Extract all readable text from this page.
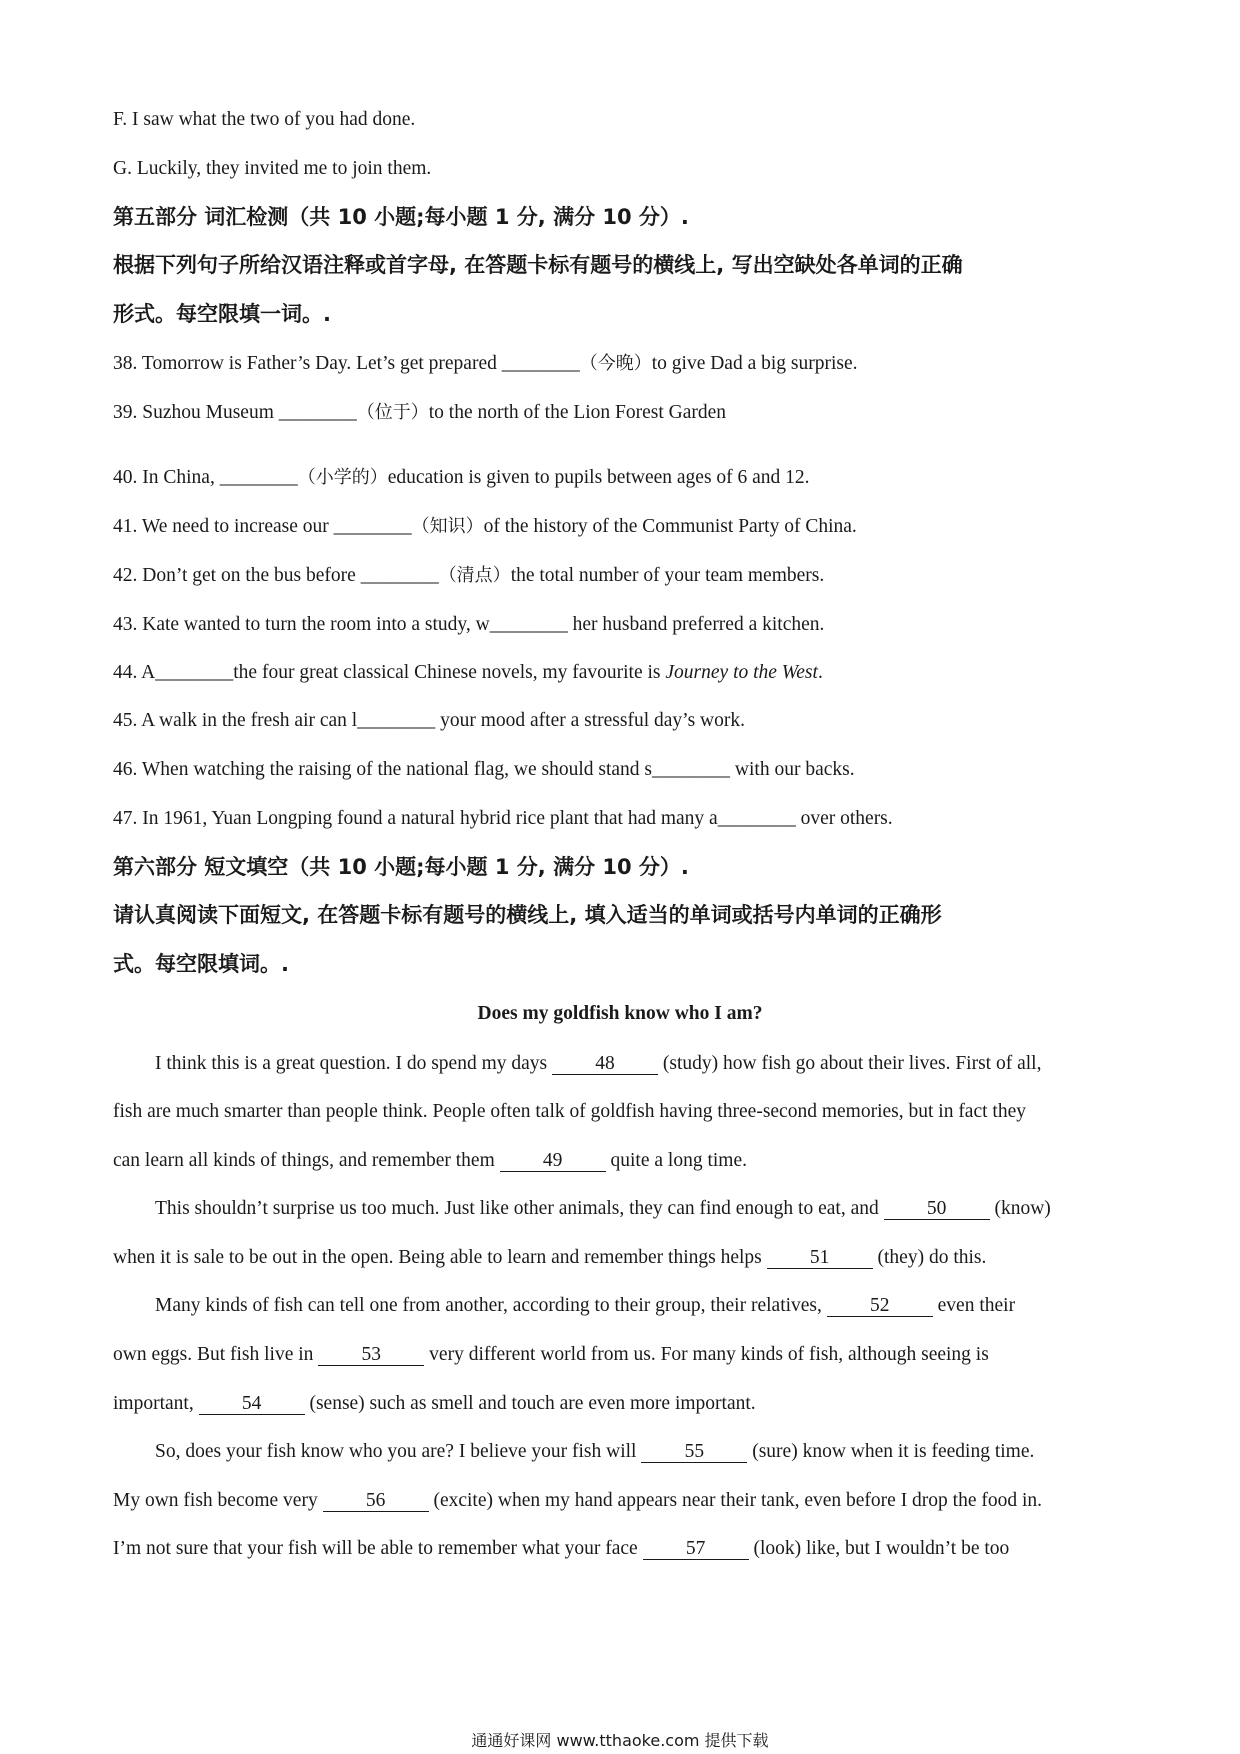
F. I saw what the two of you had done.
G. Luckily, they invited me to join them.
第五部分 词汇检测（共 10 小题;每小题 1 分, 满分 10 分）.
根据下列句子所给汉语注释或首字母, 在答题卡标有题号的横线上, 写出空缺处各单词的正确
形式。每空限填一词。.
38. Tomorrow is Father’s Day. Let’s get prepared ________（今晚）to give Dad a big surprise.
39. Suzhou Museum ________（位于）to the north of the Lion Forest Garden
40. In China, ________（小学的）education is given to pupils between ages of 6 and 12.
41. We need to increase our ________（知识）of the history of the Communist Party of China.
42. Don’t get on the bus before ________（清点）the total number of your team members.
43. Kate wanted to turn the room into a study, w________ her husband preferred a kitchen.
44. A________the four great classical Chinese novels, my favourite is Journey to the West.
45. A walk in the fresh air can l________ your mood after a stressful day’s work.
46. When watching the raising of the national flag, we should stand s________ with our backs.
47. In 1961, Yuan Longping found a natural hybrid rice plant that had many a________ over others.
第六部分 短文填空（共 10 小题;每小题 1 分, 满分 10 分）.
请认真阅读下面短文, 在答题卡标有题号的横线上, 填入适当的单词或括号内单词的正确形
式。每空限填词。.
Does my goldfish know who I am?
I think this is a great question. I do spend my days 48 (study) how fish go about their lives. First of all,
fish are much smarter than people think. People often talk of goldfish having three-second memories, but in fact they
can learn all kinds of things, and remember them 49 quite a long time.
This shouldn’t surprise us too much. Just like other animals, they can find enough to eat, and 50 (know)
when it is sale to be out in the open. Being able to learn and remember things helps 51 (they) do this.
Many kinds of fish can tell one from another, according to their group, their relatives, 52 even their
own eggs. But fish live in 53 very different world from us. For many kinds of fish, although seeing is
important, 54 (sense) such as smell and touch are even more important.
So, does your fish know who you are? I believe your fish will 55 (sure) know when it is feeding time.
My own fish become very 56 (excite) when my hand appears near their tank, even before I drop the food in.
I’m not sure that your fish will be able to remember what your face 57 (look) like, but I wouldn’t be too
通通好课网 www.tthaoke.com 提供下载
